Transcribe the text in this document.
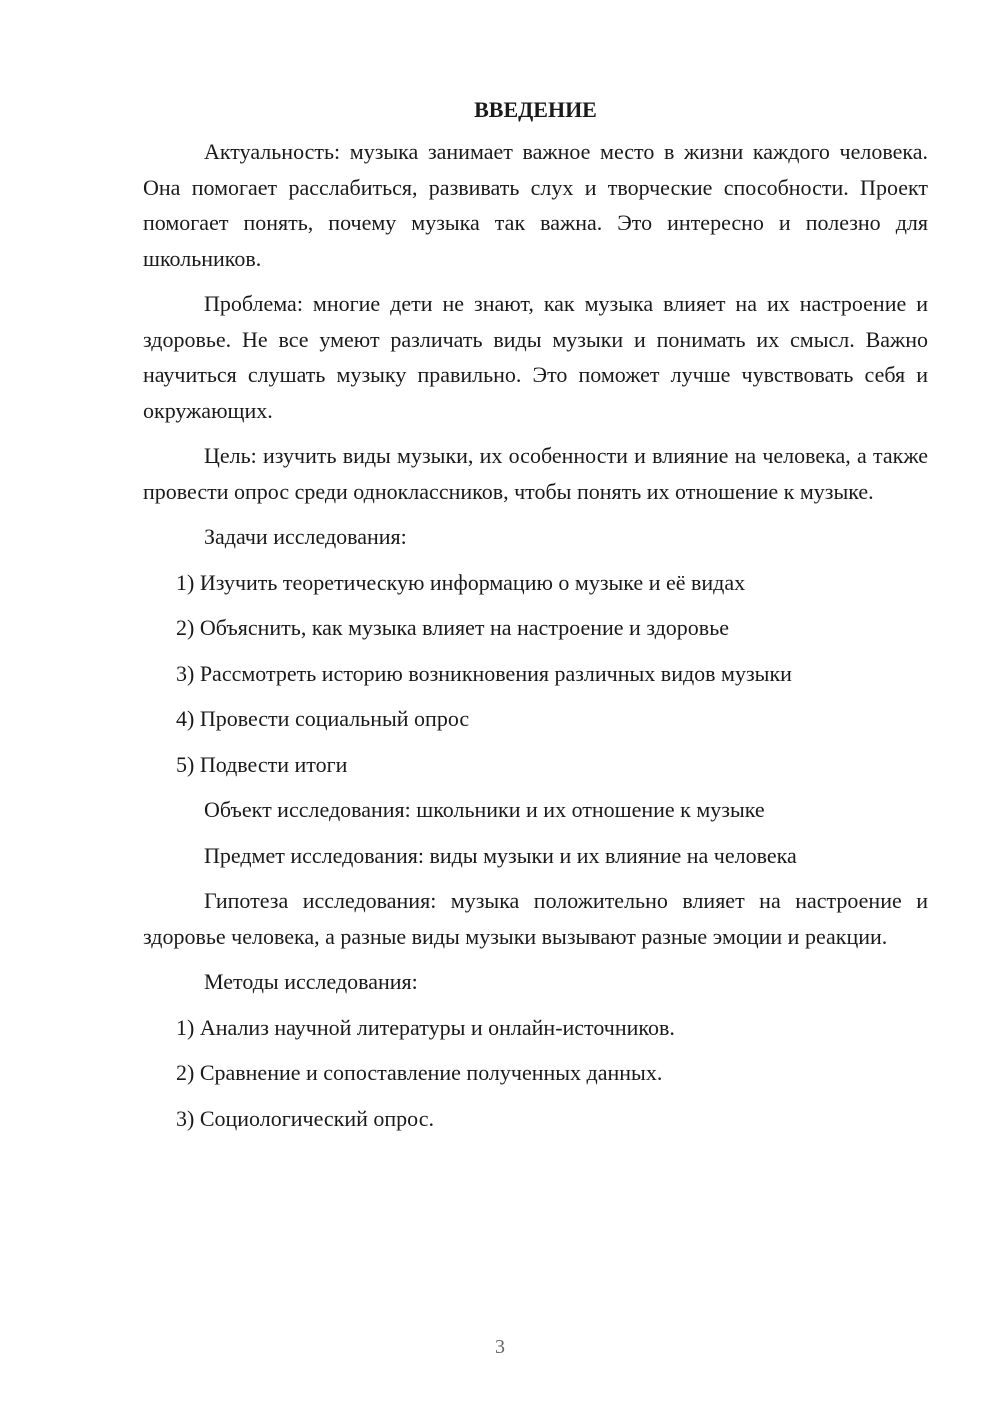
ВВЕДЕНИЕ

Актуальность: музыка занимает важное место в жизни каждого человека. Она помогает расслабиться, развивать слух и творческие способности. Проект помогает понять, почему музыка так важна. Это интересно и полезно для школьников.

Проблема: многие дети не знают, как музыка влияет на их настроение и здоровье. Не все умеют различать виды музыки и понимать их смысл. Важно научиться слушать музыку правильно. Это поможет лучше чувствовать себя и окружающих.

Цель: изучить виды музыки, их особенности и влияние на человека, а также провести опрос среди одноклассников, чтобы понять их отношение к музыке.

Задачи исследования:

1) Изучить теоретическую информацию о музыке и её видах

2) Объяснить, как музыка влияет на настроение и здоровье

3) Рассмотреть историю возникновения различных видов музыки

4) Провести социальный опрос

5) Подвести итоги

Объект исследования: школьники и их отношение к музыке

Предмет исследования: виды музыки и их влияние на человека

Гипотеза исследования: музыка положительно влияет на настроение и здоровье человека, а разные виды музыки вызывают разные эмоции и реакции.

Методы исследования:

1) Анализ научной литературы и онлайн-источников.

2) Сравнение и сопоставление полученных данных.

3) Социологический опрос.

3
